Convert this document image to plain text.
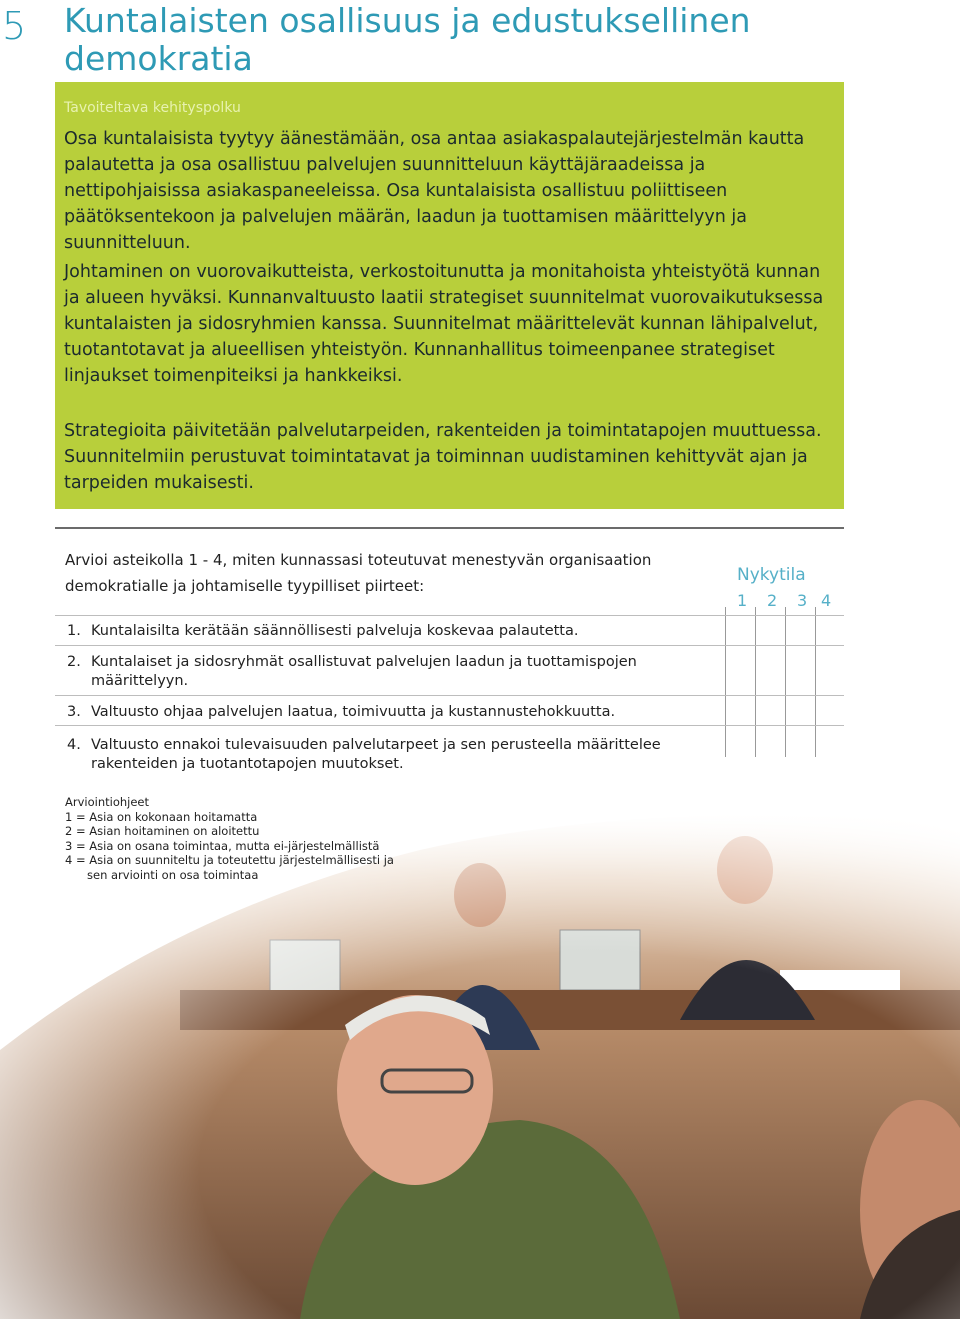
5 Kuntalaisten osallisuus ja edustuksellinen demokratia
Tavoiteltava kehityspolku
Osa kuntalaisista tyytyy äänestämään, osa antaa asiakaspalautejärjestelmän kautta palautetta ja osa osallistuu palvelujen suunnitteluun käyttäjäraadeissa ja nettipohjaisissa asiakaspaneeleissa. Osa kuntalaisista osallistuu poliittiseen päätöksentekoon ja palvelujen määrän, laadun ja tuottamisen määrittelyyn ja suunnitteluun.
Johtaminen on vuorovaikutteista, verkostoitunutta ja monitahoista yhteistyötä kunnan ja alueen hyväksi. Kunnanvaltuusto laatii strategiset suunnitelmat vuorovaikutuksessa kuntalaisten ja sidosryhmien kanssa. Suunnitelmat määrittelevät kunnan lähipalvelut, tuotantotavat ja alueellisen yhteistyön. Kunnanhallitus toimeenpanee strategiset linjaukset toimenpiteiksi ja hankkeiksi.
Strategioita päivitetään palvelutarpeiden, rakenteiden ja toimintatapojen muuttuessa. Suunnitelmiin perustuvat toimintatavat ja toiminnan uudistaminen kehittyvät ajan ja tarpeiden mukaisesti.
Arvioi asteikolla 1 - 4, miten kunnassasi toteutuvat menestyvän organisaation demokratialle ja johtamiselle tyypilliset piirteet:
Nykytila
1 2 3 4
1. Kuntalaisilta kerätään säännöllisesti palveluja koskevaa palautetta.
2. Kuntalaiset ja sidosryhmät osallistuvat palvelujen laadun ja tuottamispojen määrittelyyn.
3. Valtuusto ohjaa palvelujen laatua, toimivuutta ja kustannustehokkuutta.
4. Valtuusto ennakoi tulevaisuuden palvelutarpeet ja sen perusteella määrittelee rakenteiden ja tuotantotapojen muutokset.
Arviointiohjeet
1 = Asia on kokonaan hoitamatta
2 = Asian hoitaminen on aloitettu
3 = Asia on osana toimintaa, mutta ei-järjestelmällistä
4 = Asia on suunniteltu ja toteutettu järjestelmällisesti ja
sen arviointi on osa toimintaa
